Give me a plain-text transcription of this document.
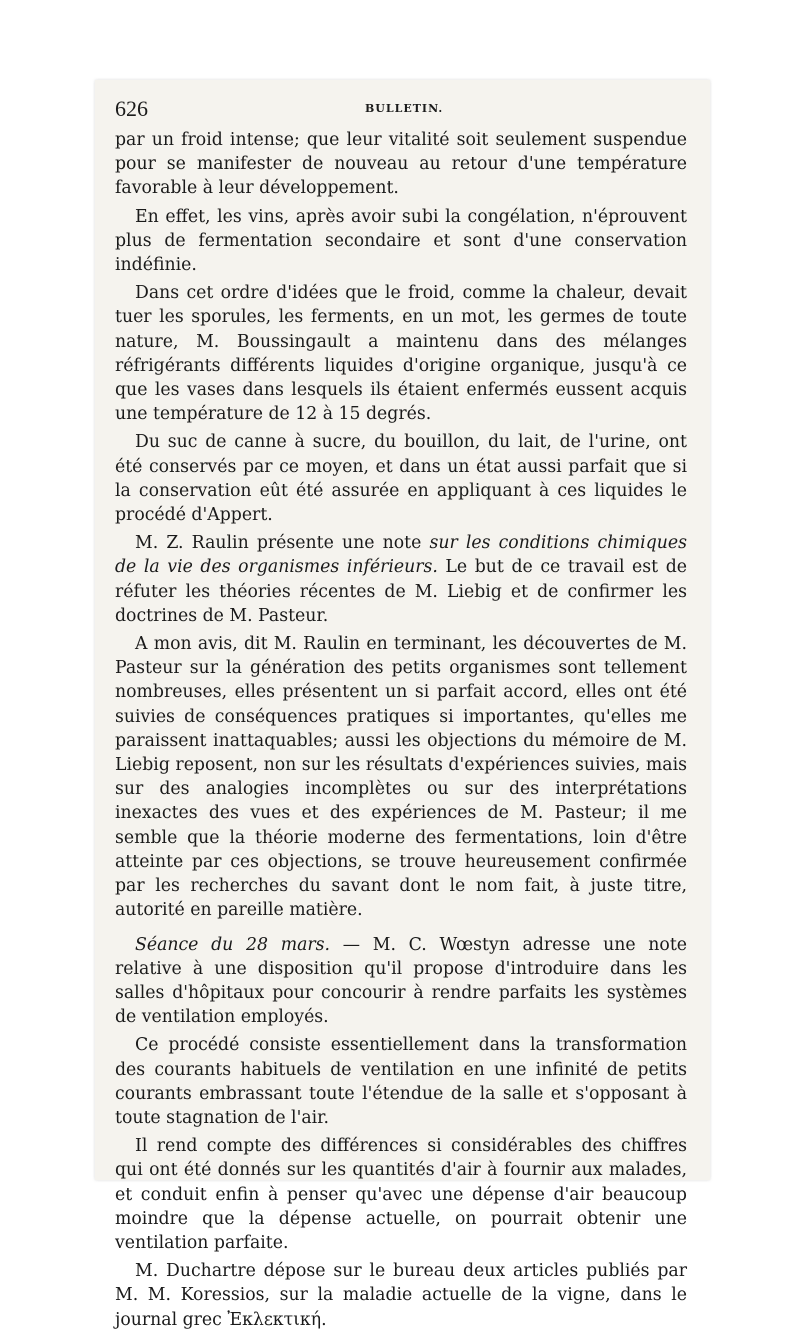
626	BULLETIN.

par un froid intense; que leur vitalité soit seulement suspendue pour se manifester de nouveau au retour d'une température favorable à leur développement.

En effet, les vins, après avoir subi la congélation, n'éprouvent plus de fermentation secondaire et sont d'une conservation indéfinie.

Dans cet ordre d'idées que le froid, comme la chaleur, devait tuer les sporules, les ferments, en un mot, les germes de toute nature, M. Boussingault a maintenu dans des mélanges réfrigérants différents liquides d'origine organique, jusqu'à ce que les vases dans lesquels ils étaient enfermés eussent acquis une température de 12 à 15 degrés.

Du suc de canne à sucre, du bouillon, du lait, de l'urine, ont été conservés par ce moyen, et dans un état aussi parfait que si la conservation eût été assurée en appliquant à ces liquides le procédé d'Appert.

M. Z. Raulin présente une note sur les conditions chimiques de la vie des organismes inférieurs. Le but de ce travail est de réfuter les théories récentes de M. Liebig et de confirmer les doctrines de M. Pasteur.

A mon avis, dit M. Raulin en terminant, les découvertes de M. Pasteur sur la génération des petits organismes sont tellement nombreuses, elles présentent un si parfait accord, elles ont été suivies de conséquences pratiques si importantes, qu'elles me paraissent inattaquables; aussi les objections du mémoire de M. Liebig reposent, non sur les résultats d'expériences suivies, mais sur des analogies incomplètes ou sur des interprétations inexactes des vues et des expériences de M. Pasteur; il me semble que la théorie moderne des fermentations, loin d'être atteinte par ces objections, se trouve heureusement confirmée par les recherches du savant dont le nom fait, à juste titre, autorité en pareille matière.

Séance du 28 mars. — M. C. Wœstyn adresse une note relative à une disposition qu'il propose d'introduire dans les salles d'hôpitaux pour concourir à rendre parfaits les systèmes de ventilation employés.

Ce procédé consiste essentiellement dans la transformation des courants habituels de ventilation en une infinité de petits courants embrassant toute l'étendue de la salle et s'opposant à toute stagnation de l'air.

Il rend compte des différences si considérables des chiffres qui ont été donnés sur les quantités d'air à fournir aux malades, et conduit enfin à penser qu'avec une dépense d'air beaucoup moindre que la dépense actuelle, on pourrait obtenir une ventilation parfaite.

M. Duchartre dépose sur le bureau deux articles publiés par M. M. Koressios, sur la maladie actuelle de la vigne, dans le journal grec Ἐκλεκτική.
